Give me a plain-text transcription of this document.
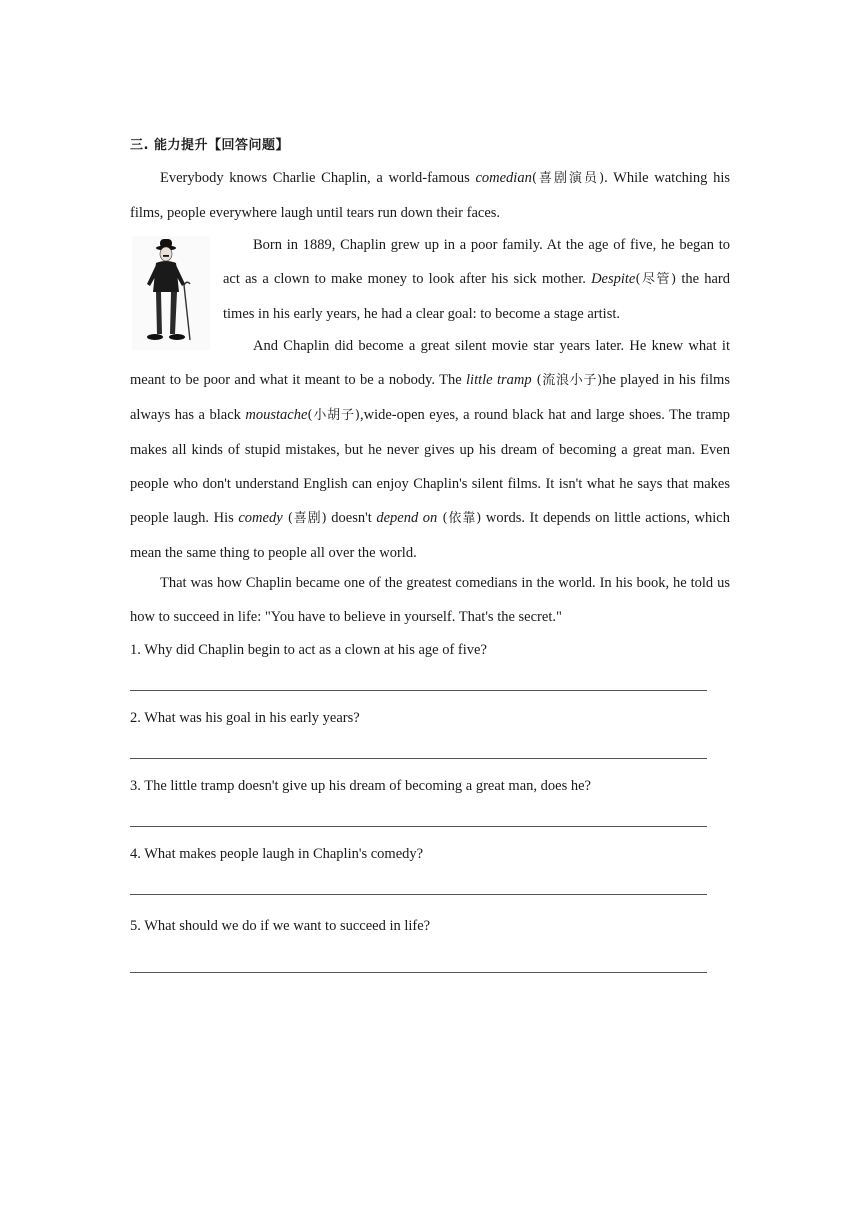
三. 能力提升【回答问题】

Everybody knows Charlie Chaplin, a world-famous comedian(喜剧演员). While watching his films, people everywhere laugh until tears run down their faces.

Born in 1889, Chaplin grew up in a poor family. At the age of five, he began to act as a clown to make money to look after his sick mother. Despite(尽管) the hard times in his early years, he had a clear goal: to become a stage artist.

And Chaplin did become a great silent movie star years later. He knew what it meant to be poor and what it meant to be a nobody. The little tramp (流浪小子)he played in his films always has a black moustache(小胡子),wide-open eyes, a round black hat and large shoes. The tramp makes all kinds of stupid mistakes, but he never gives up his dream of becoming a great man. Even people who don't understand English can enjoy Chaplin's silent films. It isn't what he says that makes people laugh. His comedy (喜剧) doesn't depend on (依靠) words. It depends on little actions, which mean the same thing to people all over the world.

That was how Chaplin became one of the greatest comedians in the world. In his book, he told us how to succeed in life: "You have to believe in yourself. That's the secret."

1. Why did Chaplin begin to act as a clown at his age of five?
2. What was his goal in his early years?
3. The little tramp doesn't give up his dream of becoming a great man, does he?
4. What makes people laugh in Chaplin's comedy?
5. What should we do if we want to succeed in life?
